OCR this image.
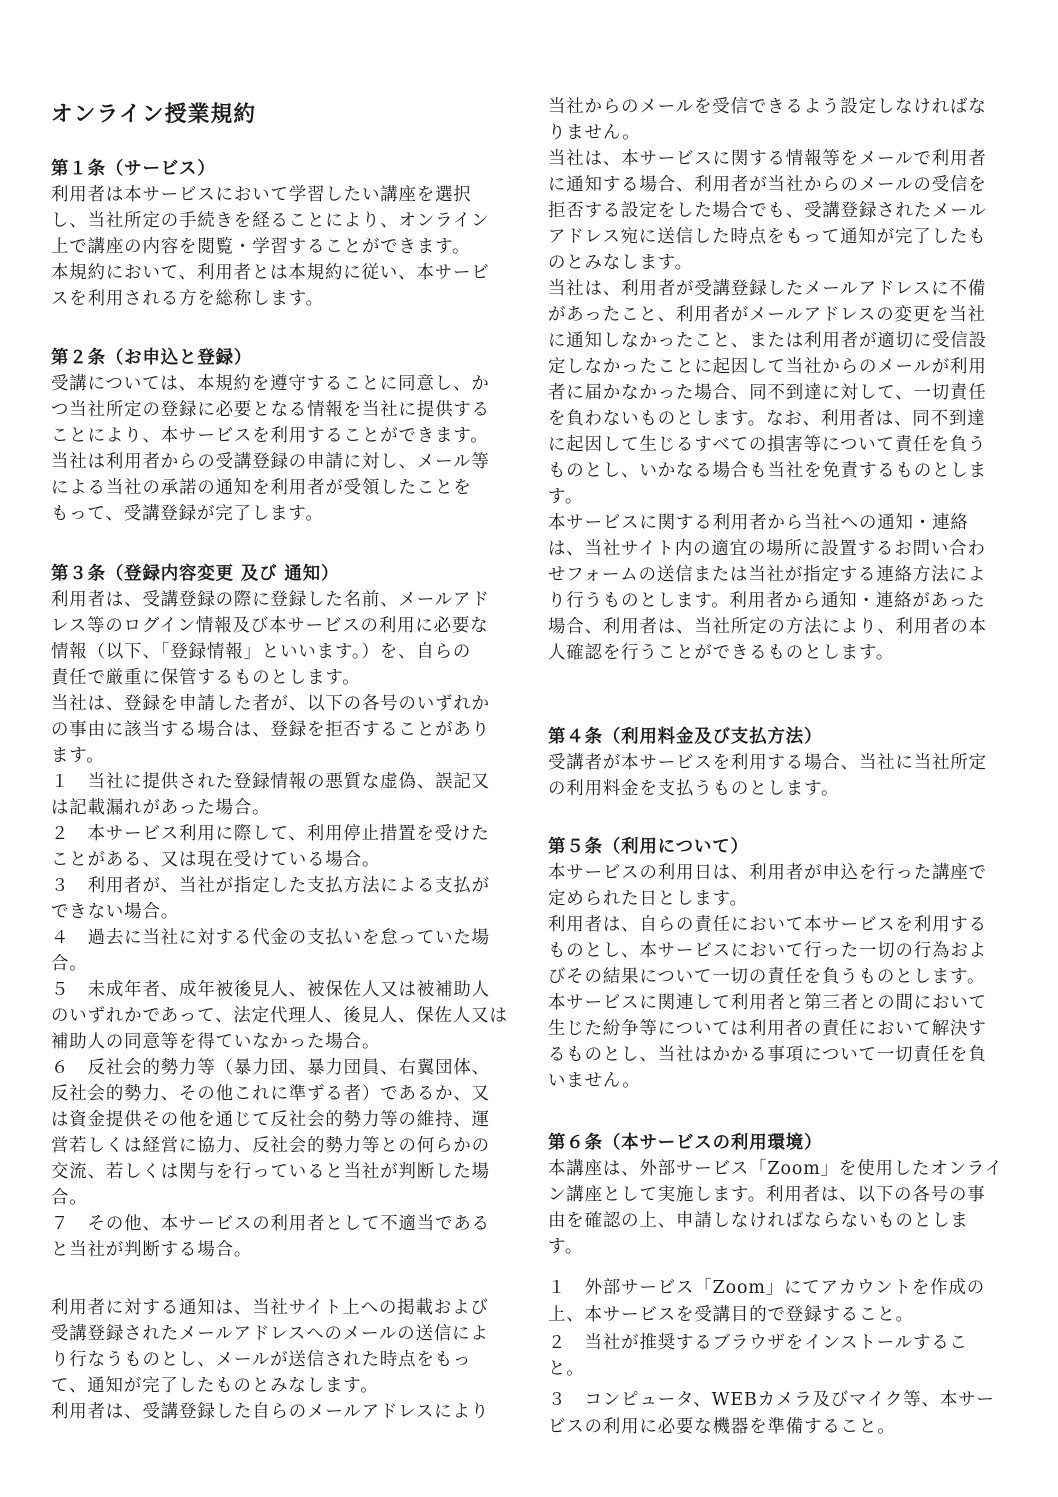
オンライン授業規約
第１条（サービス）
利用者は本サービスにおいて学習したい講座を選択
し、当社所定の手続きを経ることにより、オンライン
上で講座の内容を閲覧・学習することができます。
本規約において、利用者とは本規約に従い、本サービ
スを利用される方を総称します。
第２条（お申込と登録）
受講については、本規約を遵守することに同意し、か
つ当社所定の登録に必要となる情報を当社に提供する
ことにより、本サービスを利用することができます。
当社は利用者からの受講登録の申請に対し、メール等
による当社の承諾の通知を利用者が受領したことを
もって、受講登録が完了します。
第３条（登録内容変更 及び 通知）
利用者は、受講登録の際に登録した名前、メールアド
レス等のログイン情報及び本サービスの利用に必要な
情報（以下、「登録情報」といいます。）を、自らの
責任で厳重に保管するものとします。
当社は、登録を申請した者が、以下の各号のいずれか
の事由に該当する場合は、登録を拒否することがあり
ます。
１　当社に提供された登録情報の悪質な虚偽、誤記又
は記載漏れがあった場合。
２　本サービス利用に際して、利用停止措置を受けた
ことがある、又は現在受けている場合。
３　利用者が、当社が指定した支払方法による支払が
できない場合。
４　過去に当社に対する代金の支払いを怠っていた場
合。
５　未成年者、成年被後見人、被保佐人又は被補助人
のいずれかであって、法定代理人、後見人、保佐人又は
補助人の同意等を得ていなかった場合。
６　反社会的勢力等（暴力団、暴力団員、右翼団体、
反社会的勢力、その他これに準ずる者）であるか、又
は資金提供その他を通じて反社会的勢力等の維持、運
営若しくは経営に協力、反社会的勢力等との何らかの
交流、若しくは関与を行っていると当社が判断した場
合。
７　その他、本サービスの利用者として不適当である
と当社が判断する場合。
利用者に対する通知は、当社サイト上への掲載および
受講登録されたメールアドレスへのメールの送信によ
り行なうものとし、メールが送信された時点をもっ
て、通知が完了したものとみなします。
利用者は、受講登録した自らのメールアドレスにより
当社からのメールを受信できるよう設定しなければな
りません。
当社は、本サービスに関する情報等をメールで利用者
に通知する場合、利用者が当社からのメールの受信を
拒否する設定をした場合でも、受講登録されたメール
アドレス宛に送信した時点をもって通知が完了したも
のとみなします。
当社は、利用者が受講登録したメールアドレスに不備
があったこと、利用者がメールアドレスの変更を当社
に通知しなかったこと、または利用者が適切に受信設
定しなかったことに起因して当社からのメールが利用
者に届かなかった場合、同不到達に対して、一切責任
を負わないものとします。なお、利用者は、同不到達
に起因して生じるすべての損害等について責任を負う
ものとし、いかなる場合も当社を免責するものとしま
す。
本サービスに関する利用者から当社への通知・連絡
は、当社サイト内の適宜の場所に設置するお問い合わ
せフォームの送信または当社が指定する連絡方法によ
り行うものとします。利用者から通知・連絡があった
場合、利用者は、当社所定の方法により、利用者の本
人確認を行うことができるものとします。
第４条（利用料金及び支払方法）
受講者が本サービスを利用する場合、当社に当社所定
の利用料金を支払うものとします。
第５条（利用について）
本サービスの利用日は、利用者が申込を行った講座で
定められた日とします。
利用者は、自らの責任において本サービスを利用する
ものとし、本サービスにおいて行った一切の行為およ
びその結果について一切の責任を負うものとします。
本サービスに関連して利用者と第三者との間において
生じた紛争等については利用者の責任において解決す
るものとし、当社はかかる事項について一切責任を負
いません。
第６条（本サービスの利用環境）
本講座は、外部サービス「Zoom」を使用したオンライ
ン講座として実施します。利用者は、以下の各号の事
由を確認の上、申請しなければならないものとしま
す。
１　外部サービス「Zoom」にてアカウントを作成の
上、本サービスを受講目的で登録すること。
２　当社が推奨するブラウザをインストールするこ
と。
３　コンピュータ、WEBカメラ及びマイク等、本サー
ビスの利用に必要な機器を準備すること。
